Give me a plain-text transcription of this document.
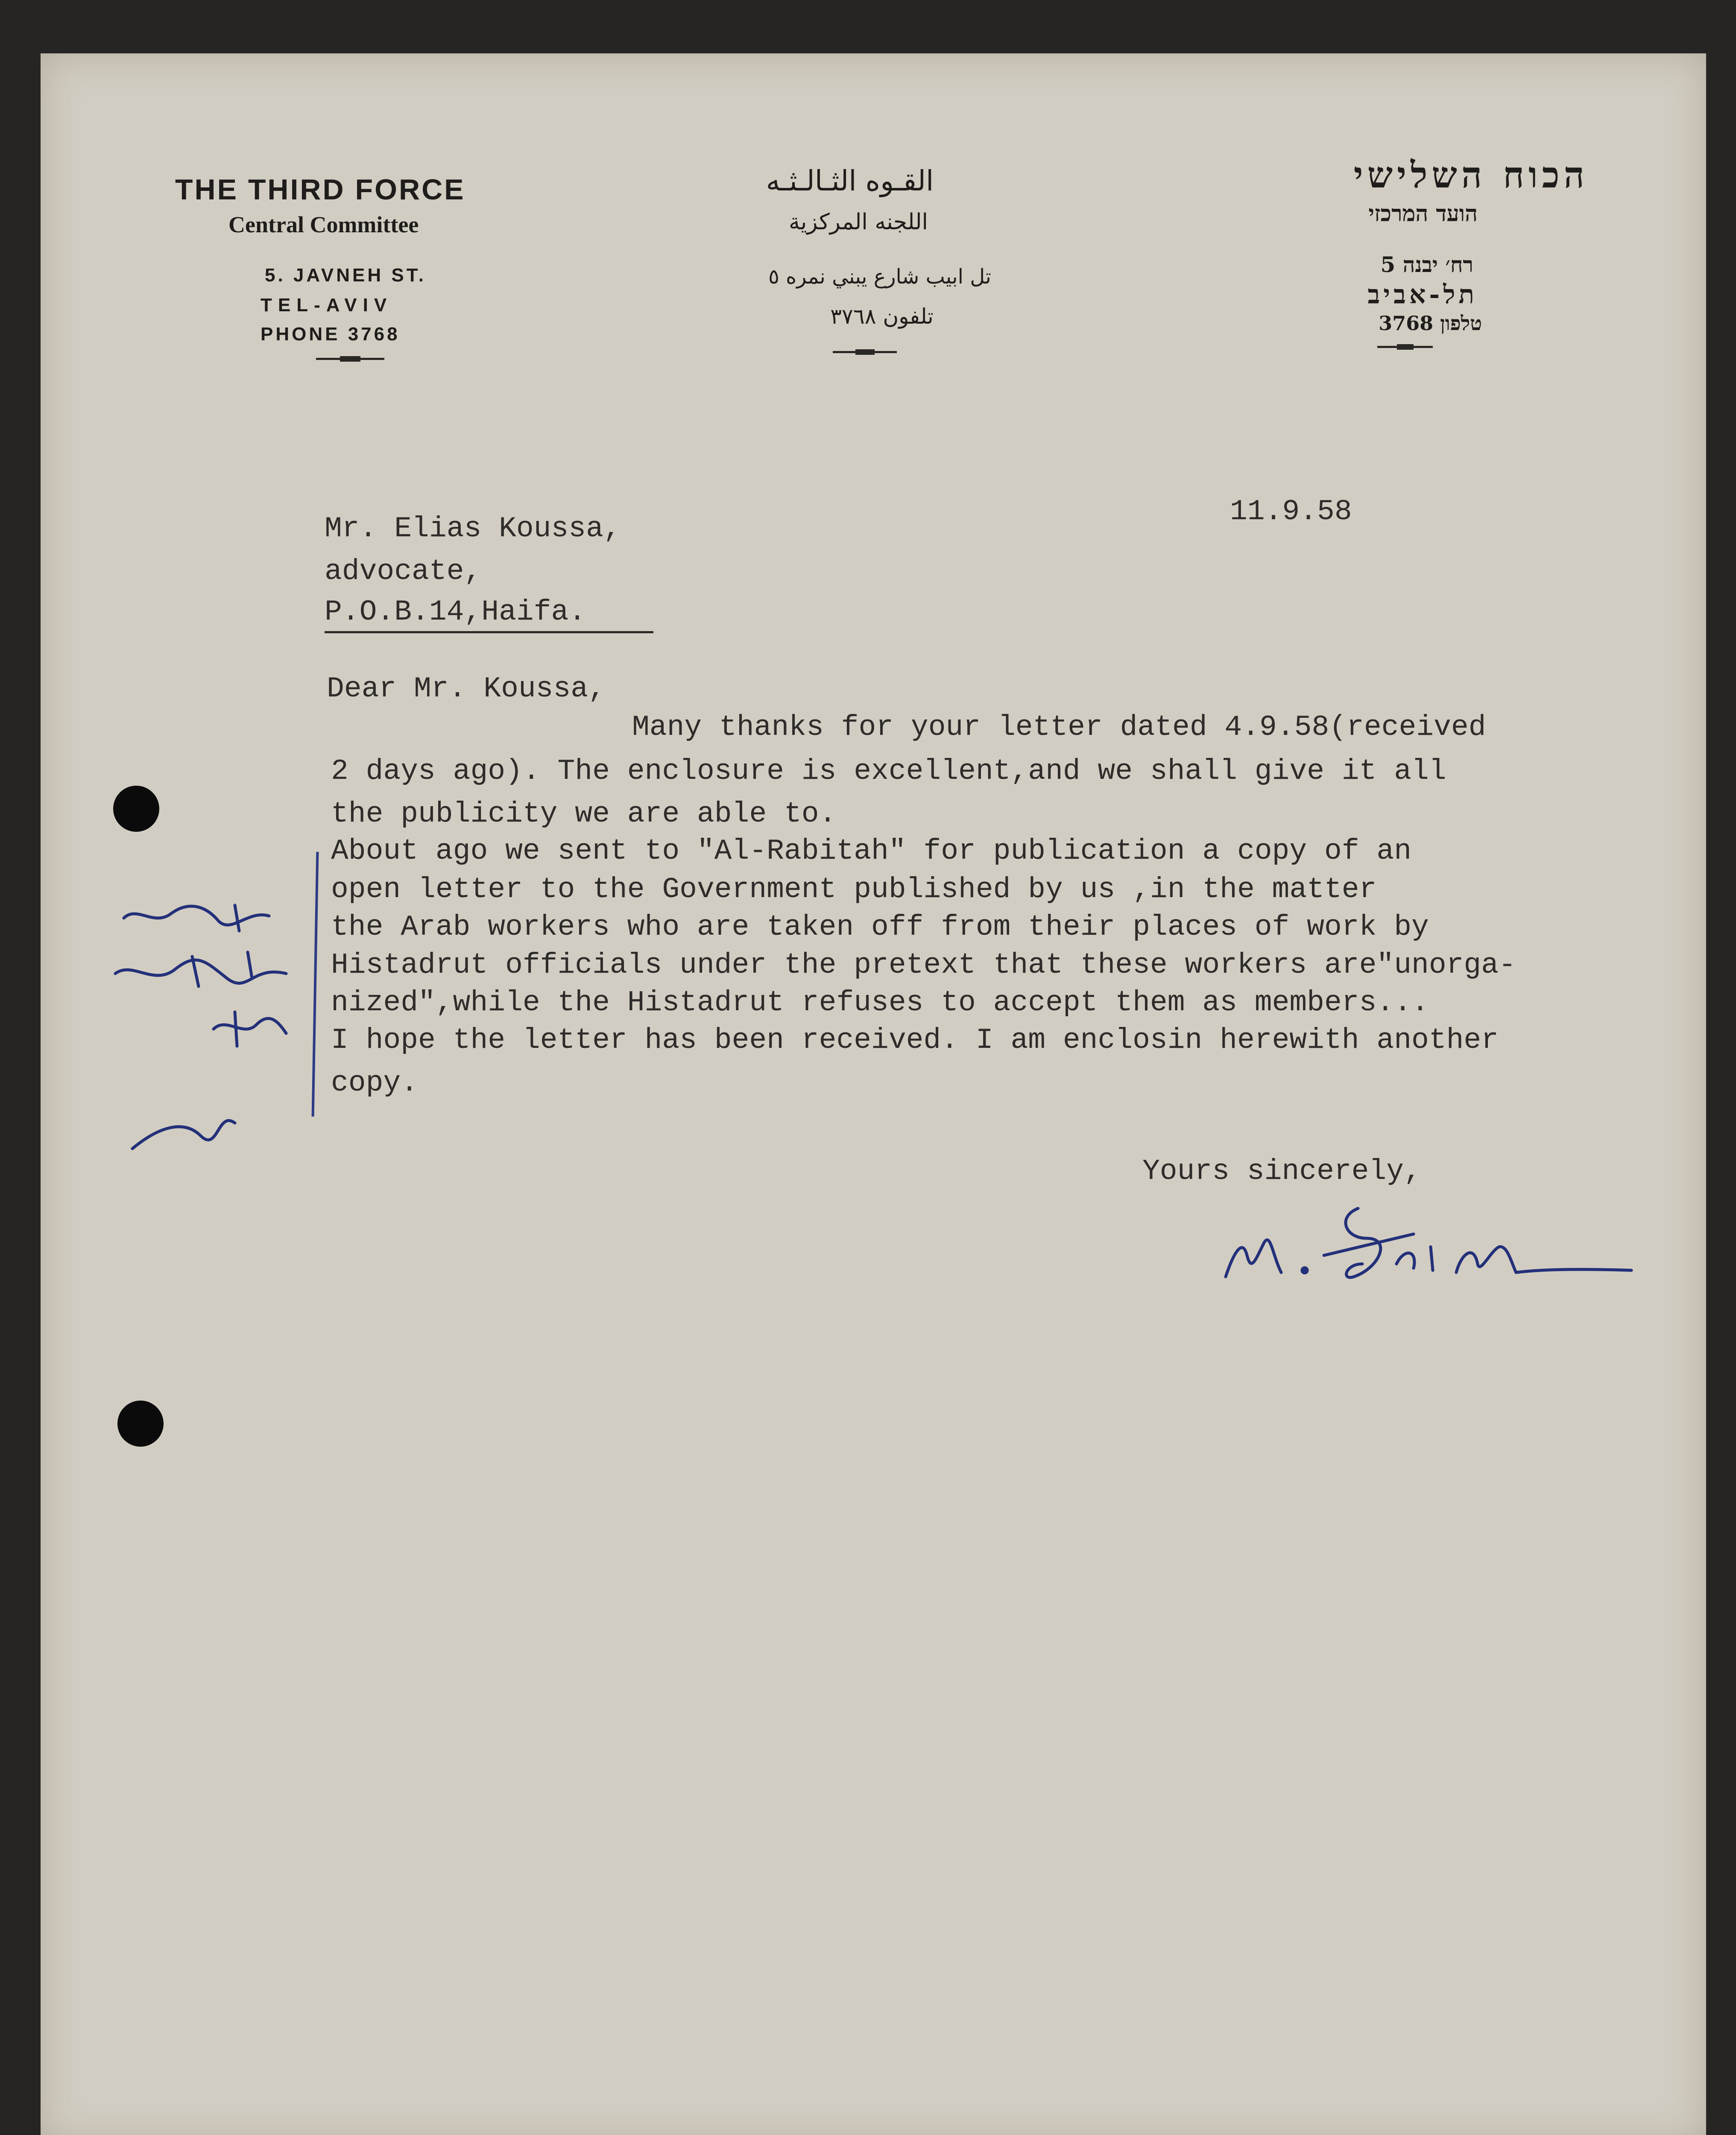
THE THIRD FORCE
Central Committee
5. JAVNEH ST.
TEL-AVIV
PHONE 3768
القـوه الثـالـثـه
اللجنه المركزية
تل ابيب شارع يبني نمره ٥
تلفون ٣٧٦٨
הכוח השלישי
הועד המרכזי
רח׳ יבנה 5
תל-אביב
טלפון 3768
11.9.58
Mr. Elias Koussa,
advocate,
P.O.B.14,Haifa.
Dear Mr. Koussa,
Many thanks for your letter dated 4.9.58(received
2 days ago). The enclosure is excellent,and we shall give it all
the publicity we are able to.
About ago we sent to "Al-Rabitah" for publication a copy of an
open letter to the Government published by us ,in the matter
the Arab workers who are taken off from their places of work by
Histadrut officials under the pretext that these workers are"unorga-
nized",while the Histadrut refuses to accept them as members...
I hope the letter has been received. I am enclosin herewith another
copy.
Yours sincerely,
